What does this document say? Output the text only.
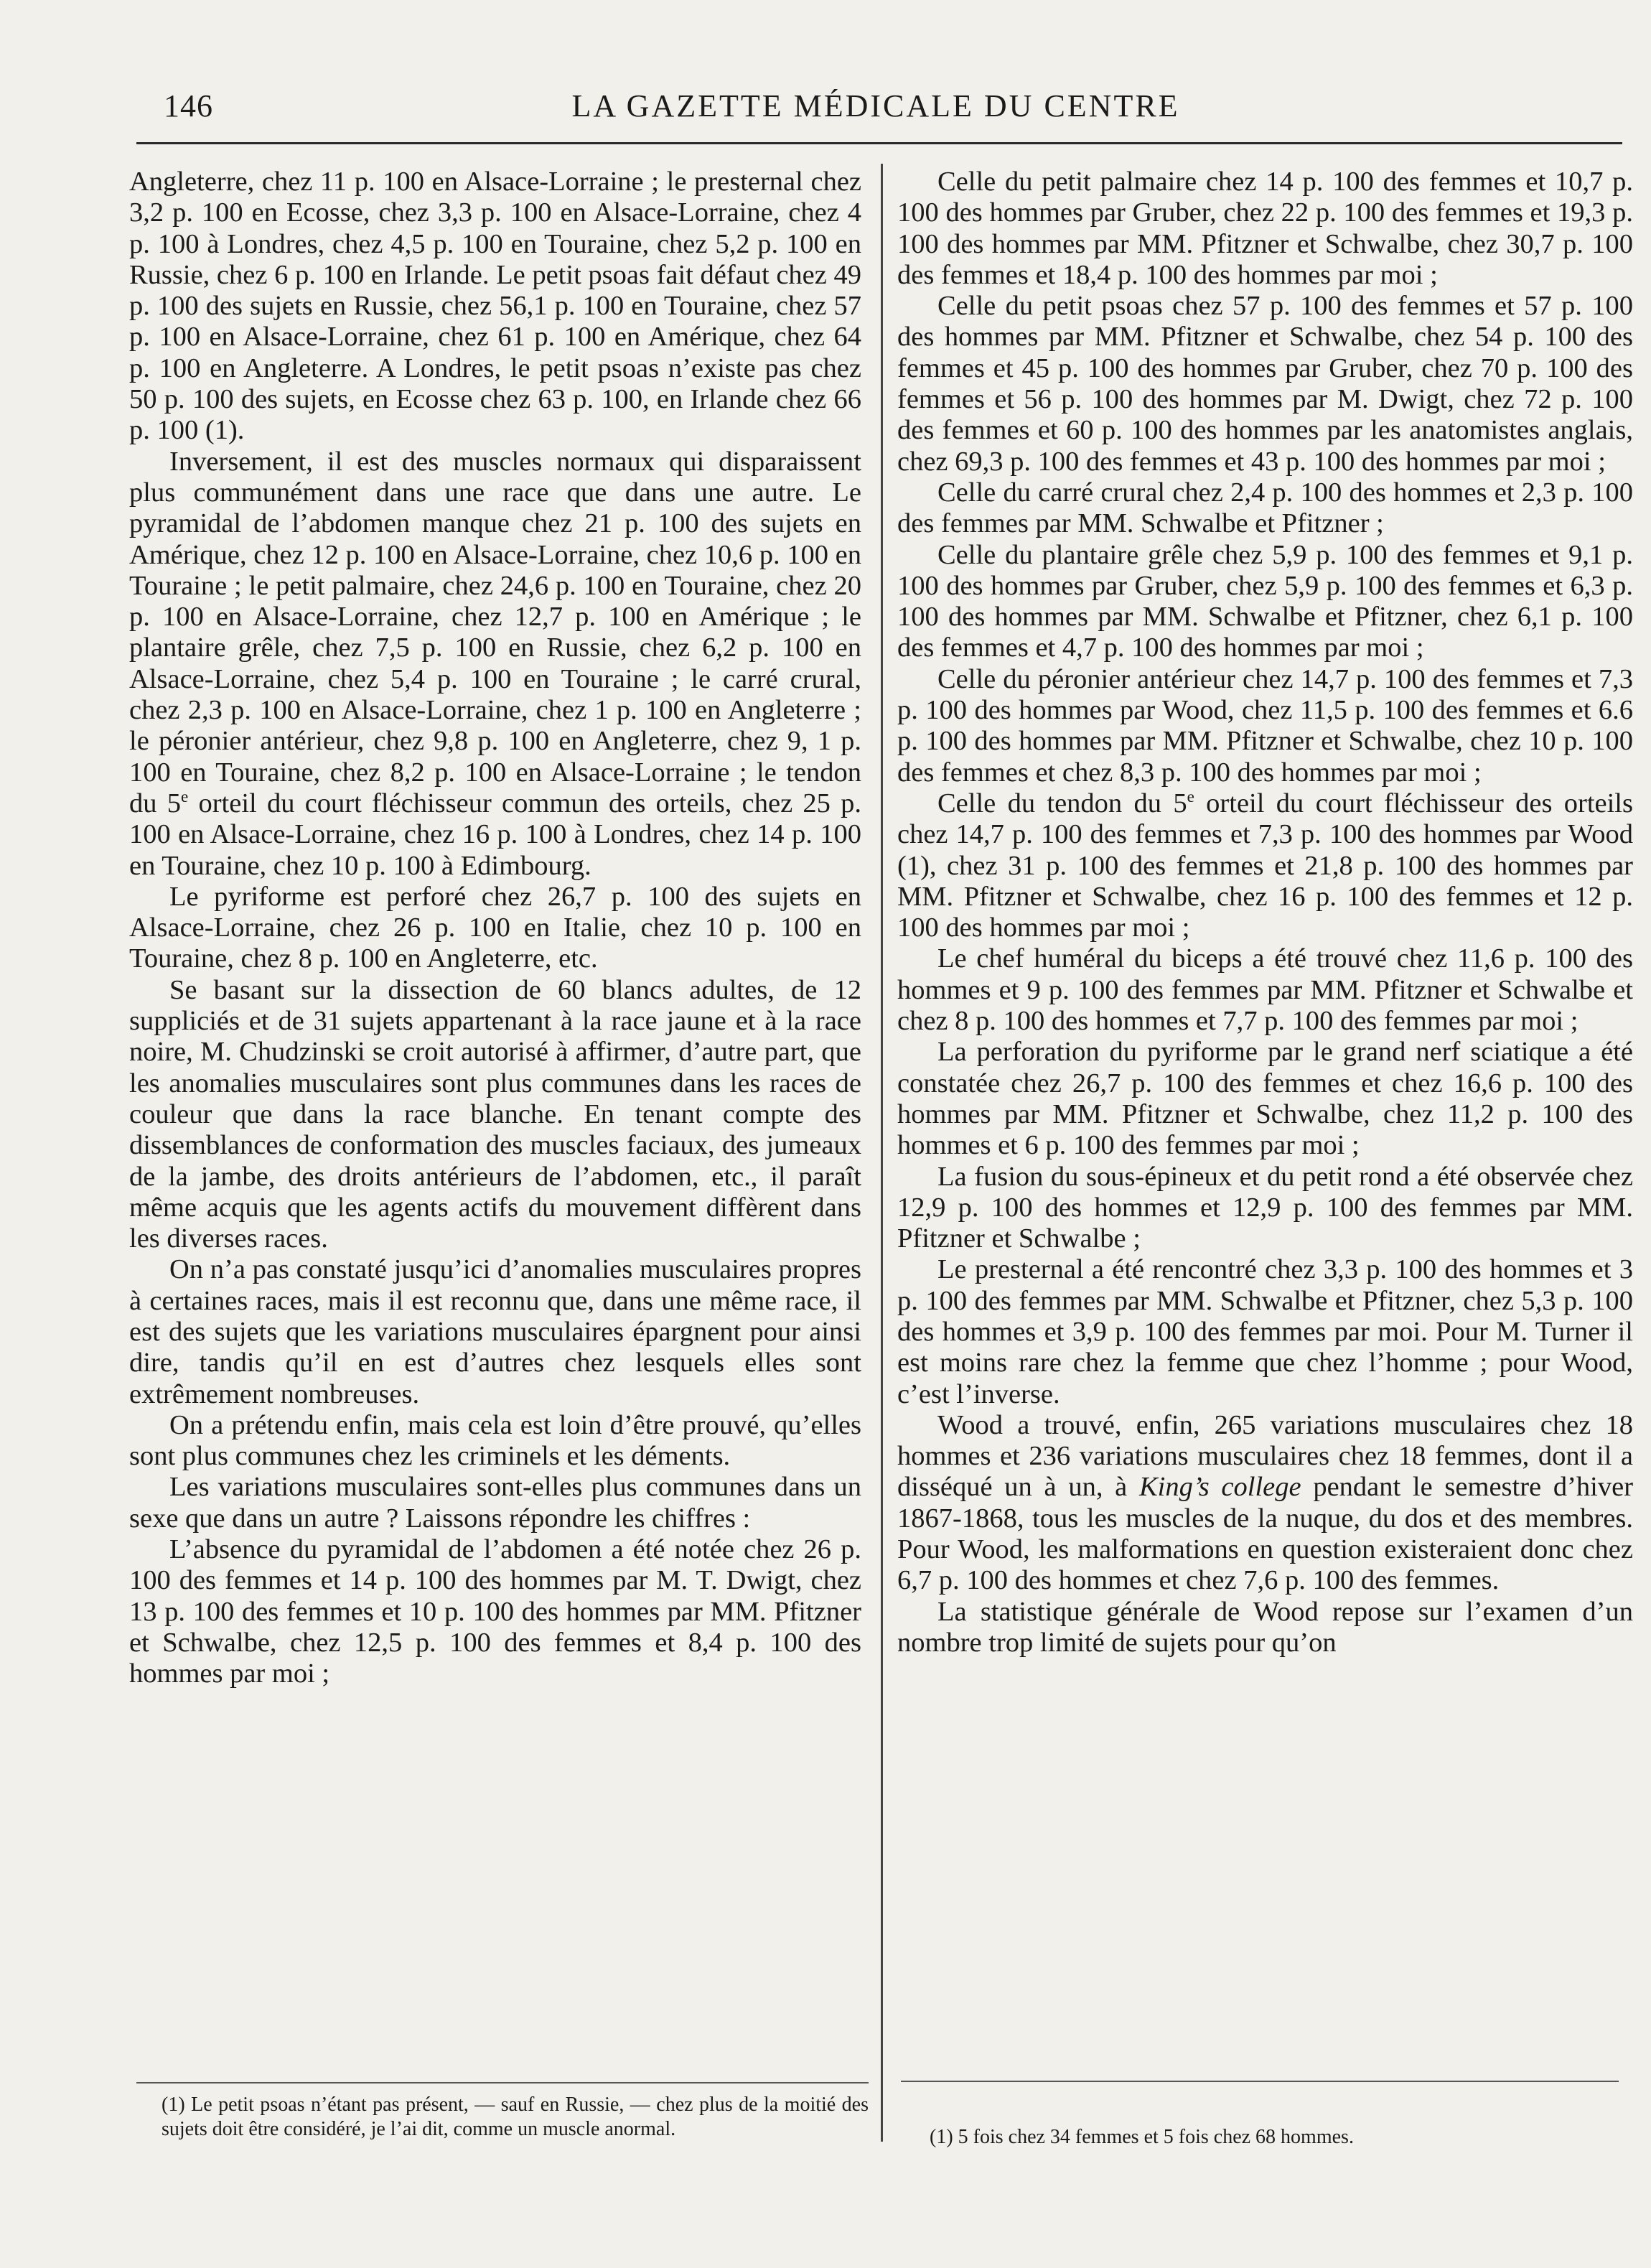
146	LA GAZETTE MÉDICALE DU CENTRE

Angleterre, chez 11 p. 100 en Alsace-Lorraine ; le presternal chez 3,2 p. 100 en Ecosse, chez 3,3 p. 100 en Alsace-Lorraine, chez 4 p. 100 à Londres, chez 4,5 p. 100 en Touraine, chez 5,2 p. 100 en Russie, chez 6 p. 100 en Irlande. Le petit psoas fait défaut chez 49 p. 100 des sujets en Russie, chez 56,1 p. 100 en Touraine, chez 57 p. 100 en Alsace-Lorraine, chez 61 p. 100 en Amérique, chez 64 p. 100 en Angleterre. A Londres, le petit psoas n’existe pas chez 50 p. 100 des sujets, en Ecosse chez 63 p. 100, en Irlande chez 66 p. 100 (1).

Inversement, il est des muscles normaux qui disparaissent plus communément dans une race que dans une autre. Le pyramidal de l’abdomen manque chez 21 p. 100 des sujets en Amérique, chez 12 p. 100 en Alsace-Lorraine, chez 10,6 p. 100 en Touraine ; le petit palmaire, chez 24,6 p. 100 en Touraine, chez 20 p. 100 en Alsace-Lorraine, chez 12,7 p. 100 en Amérique ; le plantaire grêle, chez 7,5 p. 100 en Russie, chez 6,2 p. 100 en Alsace-Lorraine, chez 5,4 p. 100 en Touraine ; le carré crural, chez 2,3 p. 100 en Alsace-Lorraine, chez 1 p. 100 en Angleterre ; le péronier antérieur, chez 9,8 p. 100 en Angleterre, chez 9, 1 p. 100 en Touraine, chez 8,2 p. 100 en Alsace-Lorraine ; le tendon du 5e orteil du court fléchisseur commun des orteils, chez 25 p. 100 en Alsace-Lorraine, chez 16 p. 100 à Londres, chez 14 p. 100 en Touraine, chez 10 p. 100 à Edimbourg.

Le pyriforme est perforé chez 26,7 p. 100 des sujets en Alsace-Lorraine, chez 26 p. 100 en Italie, chez 10 p. 100 en Touraine, chez 8 p. 100 en Angleterre, etc.

Se basant sur la dissection de 60 blancs adultes, de 12 suppliciés et de 31 sujets appartenant à la race jaune et à la race noire, M. Chudzinski se croit autorisé à affirmer, d’autre part, que les anomalies musculaires sont plus communes dans les races de couleur que dans la race blanche. En tenant compte des dissemblances de conformation des muscles faciaux, des jumeaux de la jambe, des droits antérieurs de l’abdomen, etc., il paraît même acquis que les agents actifs du mouvement diffèrent dans les diverses races.

On n’a pas constaté jusqu’ici d’anomalies musculaires propres à certaines races, mais il est reconnu que, dans une même race, il est des sujets que les variations musculaires épargnent pour ainsi dire, tandis qu’il en est d’autres chez lesquels elles sont extrêmement nombreuses.

On a prétendu enfin, mais cela est loin d’être prouvé, qu’elles sont plus communes chez les criminels et les déments.

Les variations musculaires sont-elles plus communes dans un sexe que dans un autre ? Laissons répondre les chiffres :

L’absence du pyramidal de l’abdomen a été notée chez 26 p. 100 des femmes et 14 p. 100 des hommes par M. T. Dwigt, chez 13 p. 100 des femmes et 10 p. 100 des hommes par MM. Pfitzner et Schwalbe, chez 12,5 p. 100 des femmes et 8,4 p. 100 des hommes par moi ;

Celle du petit palmaire chez 14 p. 100 des femmes et 10,7 p. 100 des hommes par Gruber, chez 22 p. 100 des femmes et 19,3 p. 100 des hommes par MM. Pfitzner et Schwalbe, chez 30,7 p. 100 des femmes et 18,4 p. 100 des hommes par moi ;

Celle du petit psoas chez 57 p. 100 des femmes et 57 p. 100 des hommes par MM. Pfitzner et Schwalbe, chez 54 p. 100 des femmes et 45 p. 100 des hommes par Gruber, chez 70 p. 100 des femmes et 56 p. 100 des hommes par M. Dwigt, chez 72 p. 100 des femmes et 60 p. 100 des hommes par les anatomistes anglais, chez 69,3 p. 100 des femmes et 43 p. 100 des hommes par moi ;

Celle du carré crural chez 2,4 p. 100 des hommes et 2,3 p. 100 des femmes par MM. Schwalbe et Pfitzner ;

Celle du plantaire grêle chez 5,9 p. 100 des femmes et 9,1 p. 100 des hommes par Gruber, chez 5,9 p. 100 des femmes et 6,3 p. 100 des hommes par MM. Schwalbe et Pfitzner, chez 6,1 p. 100 des femmes et 4,7 p. 100 des hommes par moi ;

Celle du péronier antérieur chez 14,7 p. 100 des femmes et 7,3 p. 100 des hommes par Wood, chez 11,5 p. 100 des femmes et 6.6 p. 100 des hommes par MM. Pfitzner et Schwalbe, chez 10 p. 100 des femmes et chez 8,3 p. 100 des hommes par moi ;

Celle du tendon du 5e orteil du court fléchisseur des orteils chez 14,7 p. 100 des femmes et 7,3 p. 100 des hommes par Wood (1), chez 31 p. 100 des femmes et 21,8 p. 100 des hommes par MM. Pfitzner et Schwalbe, chez 16 p. 100 des femmes et 12 p. 100 des hommes par moi ;

Le chef huméral du biceps a été trouvé chez 11,6 p. 100 des hommes et 9 p. 100 des femmes par MM. Pfitzner et Schwalbe et chez 8 p. 100 des hommes et 7,7 p. 100 des femmes par moi ;

La perforation du pyriforme par le grand nerf sciatique a été constatée chez 26,7 p. 100 des femmes et chez 16,6 p. 100 des hommes par MM. Pfitzner et Schwalbe, chez 11,2 p. 100 des hommes et 6 p. 100 des femmes par moi ;

La fusion du sous-épineux et du petit rond a été observée chez 12,9 p. 100 des hommes et 12,9 p. 100 des femmes par MM. Pfitzner et Schwalbe ;

Le presternal a été rencontré chez 3,3 p. 100 des hommes et 3 p. 100 des femmes par MM. Schwalbe et Pfitzner, chez 5,3 p. 100 des hommes et 3,9 p. 100 des femmes par moi. Pour M. Turner il est moins rare chez la femme que chez l’homme ; pour Wood, c’est l’inverse.

Wood a trouvé, enfin, 265 variations musculaires chez 18 hommes et 236 variations musculaires chez 18 femmes, dont il a disséqué un à un, à King’s college pendant le semestre d’hiver 1867-1868, tous les muscles de la nuque, du dos et des membres. Pour Wood, les malformations en question existeraient donc chez 6,7 p. 100 des hommes et chez 7,6 p. 100 des femmes.

La statistique générale de Wood repose sur l’examen d’un nombre trop limité de sujets pour qu’on

(1) Le petit psoas n’étant pas présent, — sauf en Russie, — chez plus de la moitié des sujets doit être considéré, je l’ai dit, comme un muscle anormal.	(1) 5 fois chez 34 femmes et 5 fois chez 68 hommes.
